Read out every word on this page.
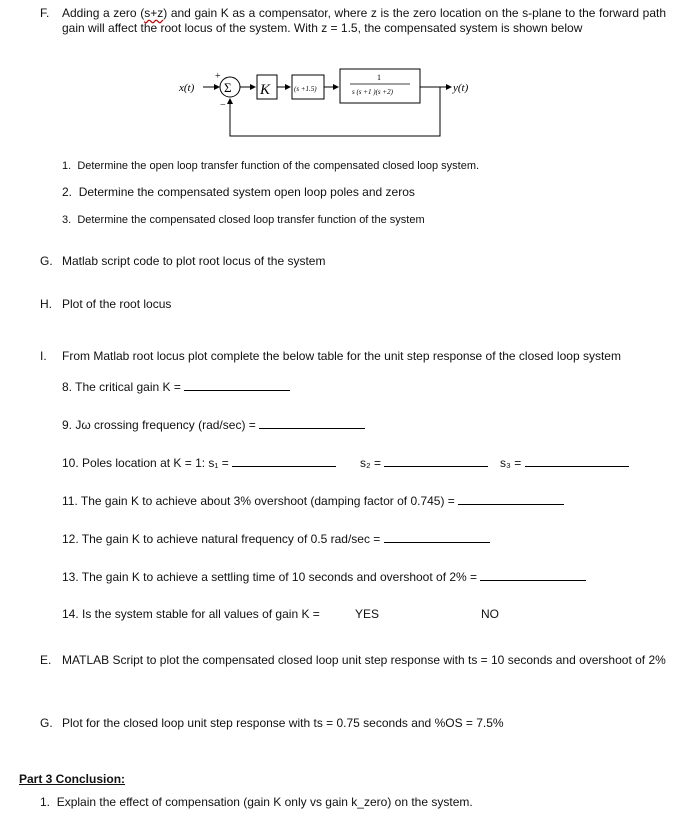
F. Adding a zero (s+z) and gain K as a compensator, where z is the zero location on the s-plane to the forward path gain will affect the root locus of the system. With z = 1.5, the compensated system is shown below
x(t)
+
Σ
−
K	(s +1.5)
1
s (s +1 )(s +2)	y(t)
1. Determine the open loop transfer function of the compensated closed loop system.
2. Determine the compensated system open loop poles and zeros
3. Determine the compensated closed loop transfer function of the system
G. Matlab script code to plot root locus of the system
H. Plot of the root locus
I. From Matlab root locus plot complete the below table for the unit step response of the closed loop system
8. The critical gain K =
9. Jω crossing frequency (rad/sec) =
10. Poles location at K = 1: s₁ =	s₂ =	s₃ =
11. The gain K to achieve about 3% overshoot (damping factor of 0.745) =
12. The gain K to achieve natural frequency of 0.5 rad/sec =
13. The gain K to achieve a settling time of 10 seconds and overshoot of 2% =
14. Is the system stable for all values of gain K =	YES	NO
E. MATLAB Script to plot the compensated closed loop unit step response with ts = 10 seconds and overshoot of 2%
G. Plot for the closed loop unit step response with ts = 0.75 seconds and %OS = 7.5%
Part 3 Conclusion:
1. Explain the effect of compensation (gain K only vs gain k_zero) on the system.
